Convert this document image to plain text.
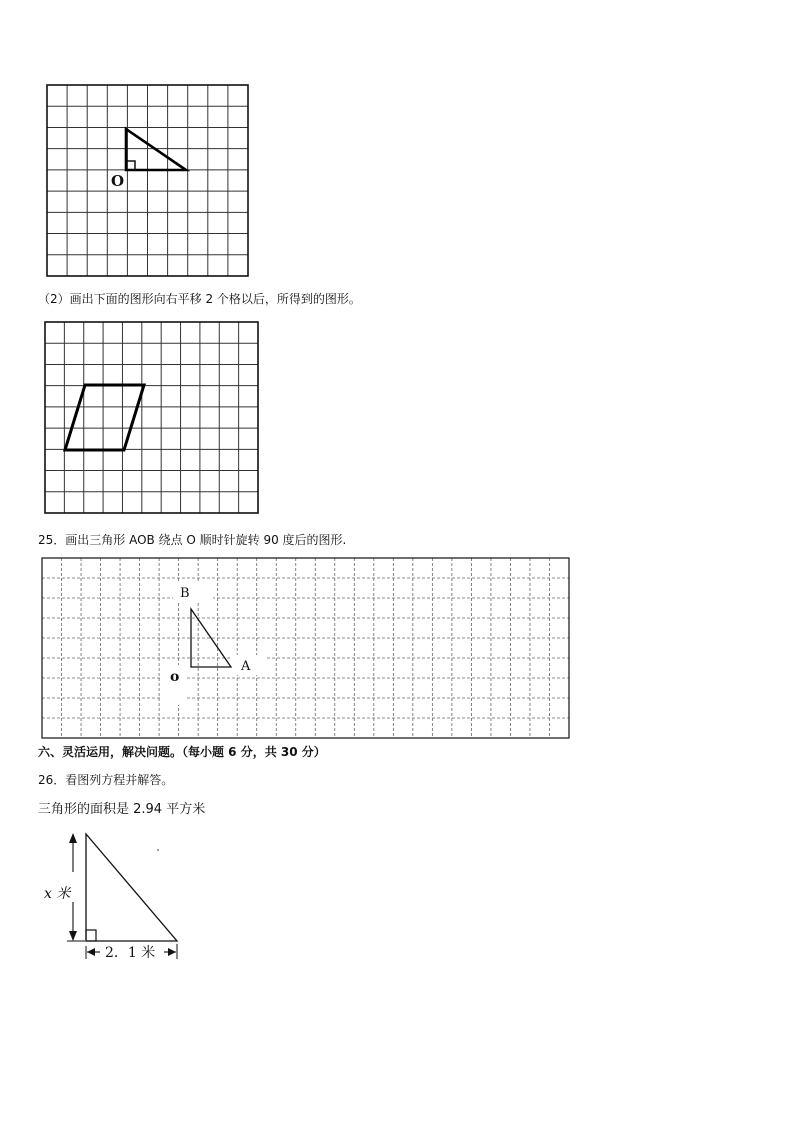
O
（2）画出下面的图形向右平移 2 个格以后，所得到的图形。
25．画出三角形 AOB 绕点 O 顺时针旋转 90 度后的图形.
B
A
o
六、灵活运用，解决问题。（每小题 6 分，共 30 分）
26．看图列方程并解答。
三角形的面积是 2.94 平方米
x 米
2．1 米
